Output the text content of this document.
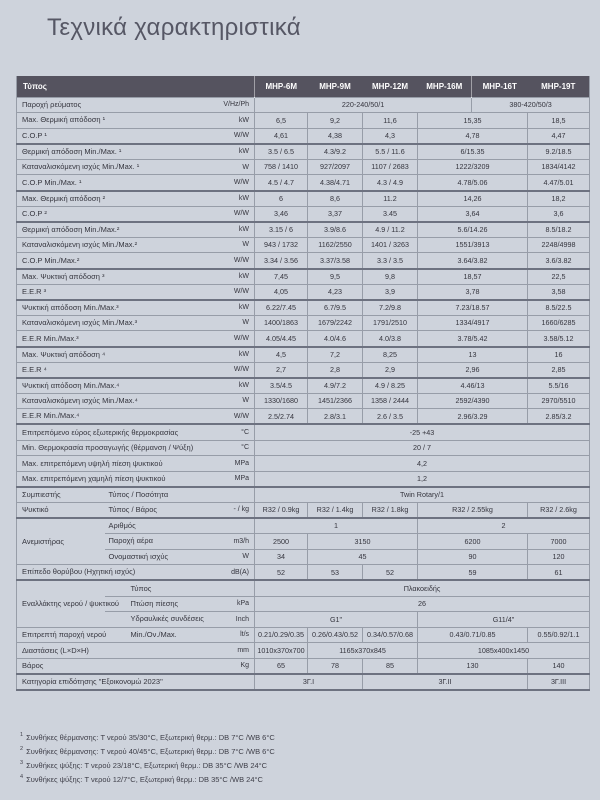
Τεχνικά χαρακτηριστικά
Τύπος			MHP-6M	MHP-9M	MHP-12M	MHP-16M	MHP-16T	MHP-19T
Παροχή ρεύματος		V/Hz/Ph	220-240/50/1				380-420/50/3	
Max. Θερμική απόδοση ¹		kW	6,5	9,2	11,6	15,35		18,5
C.O.P ¹		W/W	4,61	4,38	4,3	4,78		4,47
Θερμική απόδοση Min./Max. ¹		kW	3.5 / 6.5	4.3/9.2	5.5 / 11.6	6/15.35		9.2/18.5
Καταναλισκόμενη ισχύς Min./Max. ¹		W	758 / 1410	927/2097	1107 / 2683	1222/3209		1834/4142
C.O.P Min./Max. ¹		W/W	4.5 / 4.7	4.38/4.71	4.3 / 4.9	4.78/5.06		4.47/5.01
Max. Θερμική απόδοση ²		kW	6	8,6	11.2	14,26		18,2
C.O.P ²		W/W	3,46	3,37	3.45	3,64		3,6
Θερμική απόδοση Min./Max.²		kW	3.15 / 6	3.9/8.6	4.9 / 11.2	5.6/14.26		8.5/18.2
Καταναλισκόμενη ισχύς Min./Max.²		W	943 / 1732	1162/2550	1401 / 3263	1551/3913		2248/4998
C.O.P Min./Max.²		W/W	3.34 / 3.56	3.37/3.58	3.3 / 3.5	3.64/3.82		3.6/3.82
Max. Ψυκτική απόδοση ³		kW	7,45	9,5	9,8	18,57		22,5
E.E.R ³		W/W	4,05	4,23	3,9	3,78		3,58
Ψυκτική απόδοση Min./Max.³		kW	6.22/7.45	6.7/9.5	7.2/9.8	7.23/18.57		8.5/22.5
Καταναλισκόμενη ισχύς Min./Max.³		W	1400/1863	1679/2242	1791/2510	1334/4917		1660/6285
E.E.R Min./Max.³		W/W	4.05/4.45	4.0/4.6	4.0/3.8	3.78/5.42		3.58/5.12
Max. Ψυκτική απόδοση ⁴		kW	4,5	7,2	8,25	13		16
E.E.R ⁴		W/W	2,7	2,8	2,9	2,96		2,85
Ψυκτική απόδοση Min./Max.⁴		kW	3.5/4.5	4.9/7.2	4.9 / 8.25	4.46/13		5.5/16
Καταναλισκόμενη ισχύς Min./Max.⁴		W	1330/1680	1451/2366	1358 / 2444	2592/4390		2970/5510
E.E.R Min./Max.⁴		W/W	2.5/2.74	2.8/3.1	2.6 / 3.5	2.96/3.29		2.85/3.2
Επιτρεπόμενο εύρος εξωτερικής θερμοκρασίας		°C	-25 +43					
Min. Θερμοκρασία προσαγωγής (θέρμανση / Ψύξη)		°C	20 / 7					
Max. επιτρεπόμενη υψηλή πίεση ψυκτικού		MPa	4,2					
Max. επιτρεπόμενη χαμηλή πίεση ψυκτικού		MPa	1,2					
Συμπιεστής	Τύπος / Ποσότητα		Twin Rotary/1					
Ψυκτικό	Τύπος / Βάρος	- / kg	R32 / 0.9kg	R32 / 1.4kg	R32 / 1.8kg	R32 / 2.55kg		R32 / 2.6kg
Ανεμιστήρας	Αριθμός		1			2		
	Παροχή αέρα	m3/h	2500	3150		6200		7000
	Ονομαστική ισχύς	W	34	45		90		120
Επίπεδο θορύβου (Ηχητική ισχύς)		dB(A)	52	53	52	59		61
Εναλλάκτης νερού / ψυκτικού	Τύπος		Πλακοειδής					
	Πτώση πίεσης	kPa	26					
	Υδραυλικές συνδέσεις	Inch	G1"			G11/4"		
Επιτρεπτή παροχή νερού	Min./Ον./Max.	lt/s	0.21/0.29/0.35	0.26/0.43/0.52	0.34/0.57/0.68	0.43/0.71/0.85		0.55/0.92/1.1
Διαστάσεις (L×D×H)		mm	1010x370x700	1165x370x845		1085x400x1450		
Βάρος		Kg	65	78	85	130		140
Κατηγορία επιδότησης "Εξοικονομώ 2023"			3Γ.Ι		3Γ.ΙΙ			3Γ.ΙΙΙ
$^1$ Συνθήκες θέρμανσης: T νερού 35/30°C, Εξωτερική θερμ.: DB 7°C /WB 6°C
$^2$ Συνθήκες θέρμανσης: T νερού 40/45°C, Εξωτερική θερμ.: DB 7°C /WB 6°C
$^3$ Συνθήκες ψύξης: T νερού 23/18°C, Εξωτερική θερμ.: DB 35°C /WB 24°C
$^4$ Συνθήκες ψύξης: T νερού 12/7°C, Εξωτερική θερμ.: DB 35°C /WB 24°C
